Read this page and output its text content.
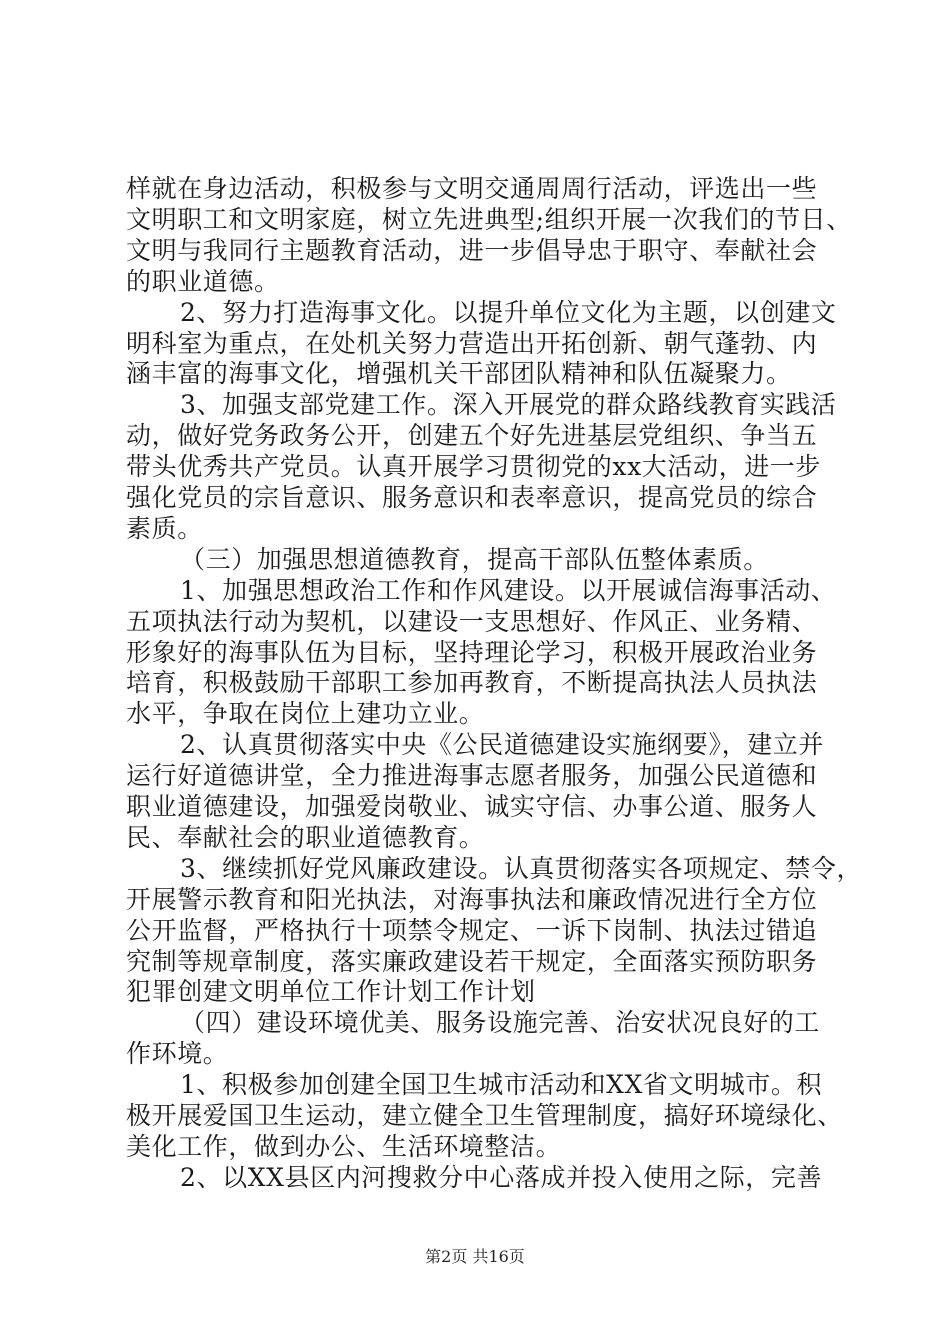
样就在身边活动，积极参与文明交通周周行活动，评选出一些
文明职工和文明家庭，树立先进典型;组织开展一次我们的节日、
文明与我同行主题教育活动，进一步倡导忠于职守、奉献社会
的职业道德。
2、努力打造海事文化。以提升单位文化为主题，以创建文
明科室为重点，在处机关努力营造出开拓创新、朝气蓬勃、内
涵丰富的海事文化，增强机关干部团队精神和队伍凝聚力。
3、加强支部党建工作。深入开展党的群众路线教育实践活
动，做好党务政务公开，创建五个好先进基层党组织、争当五
带头优秀共产党员。认真开展学习贯彻党的xx大活动，进一步
强化党员的宗旨意识、服务意识和表率意识，提高党员的综合
素质。
（三）加强思想道德教育，提高干部队伍整体素质。
1、加强思想政治工作和作风建设。以开展诚信海事活动、
五项执法行动为契机，以建设一支思想好、作风正、业务精、
形象好的海事队伍为目标，坚持理论学习，积极开展政治业务
培育，积极鼓励干部职工参加再教育，不断提高执法人员执法
水平，争取在岗位上建功立业。
2、认真贯彻落实中央《公民道德建设实施纲要》，建立并
运行好道德讲堂，全力推进海事志愿者服务，加强公民道德和
职业道德建设，加强爱岗敬业、诚实守信、办事公道、服务人
民、奉献社会的职业道德教育。
3、继续抓好党风廉政建设。认真贯彻落实各项规定、禁令，
开展警示教育和阳光执法，对海事执法和廉政情况进行全方位
公开监督，严格执行十项禁令规定、一诉下岗制、执法过错追
究制等规章制度，落实廉政建设若干规定，全面落实预防职务
犯罪创建文明单位工作计划工作计划
（四）建设环境优美、服务设施完善、治安状况良好的工
作环境。
1、积极参加创建全国卫生城市活动和XX省文明城市。积
极开展爱国卫生运动，建立健全卫生管理制度，搞好环境绿化、
美化工作，做到办公、生活环境整洁。
2、以XX县区内河搜救分中心落成并投入使用之际，完善
第2页 共16页
